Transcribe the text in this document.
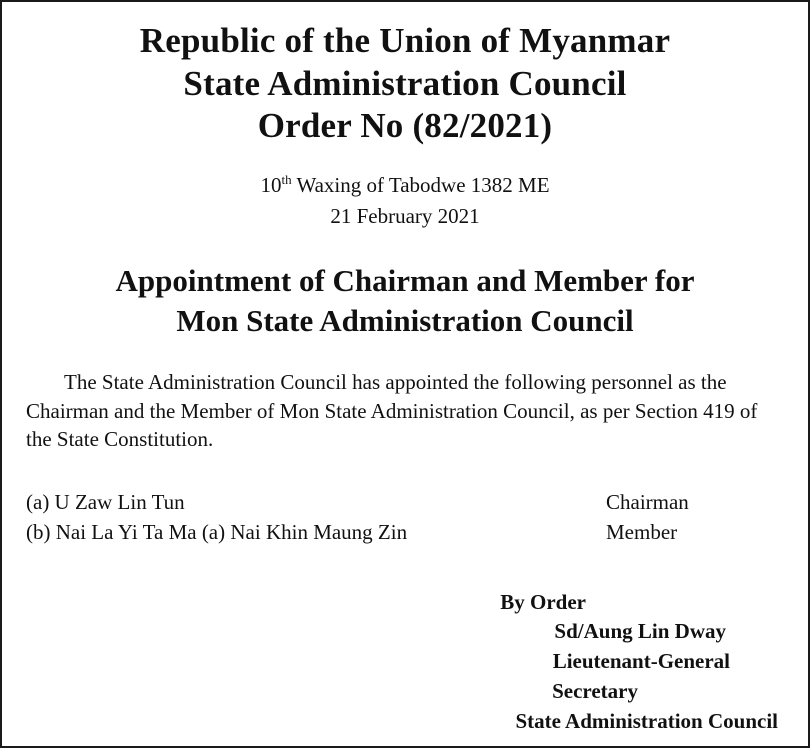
Republic of the Union of Myanmar
State Administration Council
Order No (82/2021)
10th Waxing of Tabodwe 1382 ME
21 February 2021
Appointment of Chairman and Member for
Mon State Administration Council

The State Administration Council has appointed the following personnel as the Chairman and the Member of Mon State Administration Council, as per Section 419 of the State Constitution.

(a) U Zaw Lin Tun	Chairman
(b) Nai La Yi Ta Ma (a) Nai Khin Maung Zin	Member
By Order
Sd/Aung Lin Dway
Lieutenant-General
Secretary
State Administration Council
